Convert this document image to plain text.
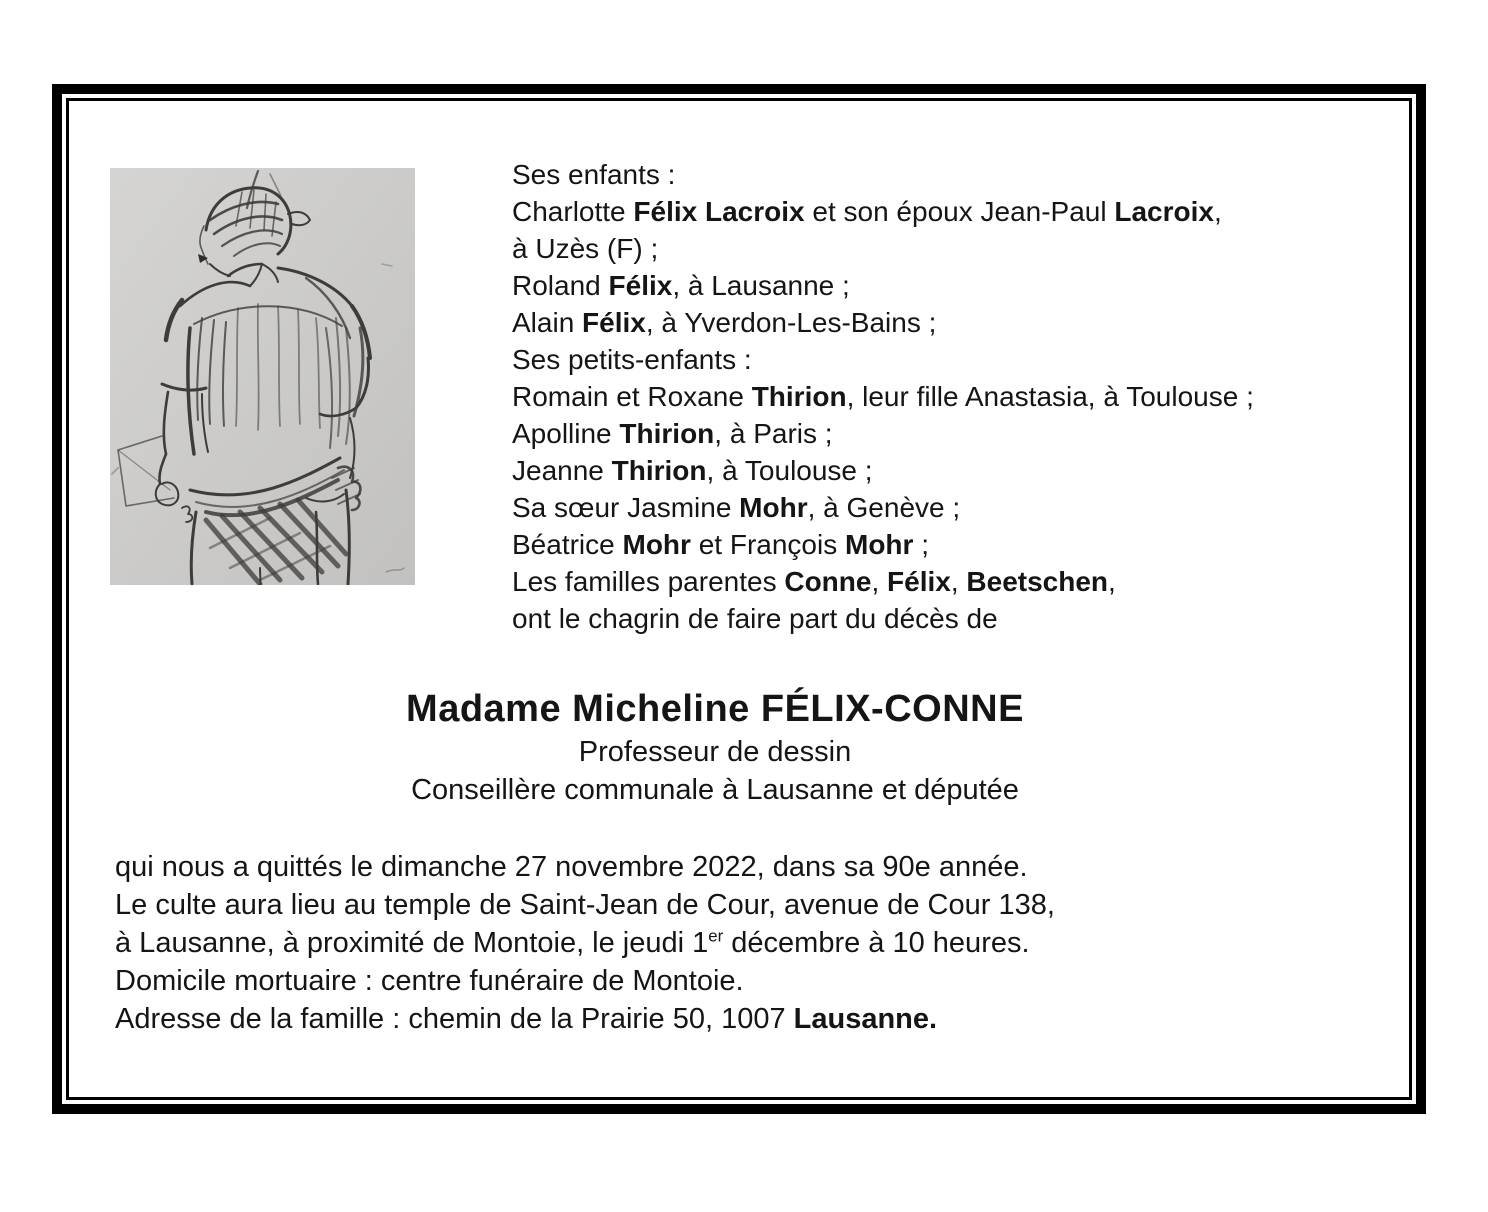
Ses enfants :
Charlotte Félix Lacroix et son époux Jean-Paul Lacroix,
à Uzès (F) ;
Roland Félix, à Lausanne ;
Alain Félix, à Yverdon-Les-Bains ;
Ses petits-enfants :
Romain et Roxane Thirion, leur fille Anastasia, à Toulouse ;
Apolline Thirion, à Paris ;
Jeanne Thirion, à Toulouse ;
Sa sœur Jasmine Mohr, à Genève ;
Béatrice Mohr et François Mohr ;
Les familles parentes Conne, Félix, Beetschen,
ont le chagrin de faire part du décès de
Madame Micheline FÉLIX-CONNE
Professeur de dessin
Conseillère communale à Lausanne et députée
qui nous a quittés le dimanche 27 novembre 2022, dans sa 90e année.
Le culte aura lieu au temple de Saint-Jean de Cour, avenue de Cour 138,
à Lausanne, à proximité de Montoie, le jeudi 1er décembre à 10 heures.
Domicile mortuaire : centre funéraire de Montoie.
Adresse de la famille : chemin de la Prairie 50, 1007 Lausanne.
